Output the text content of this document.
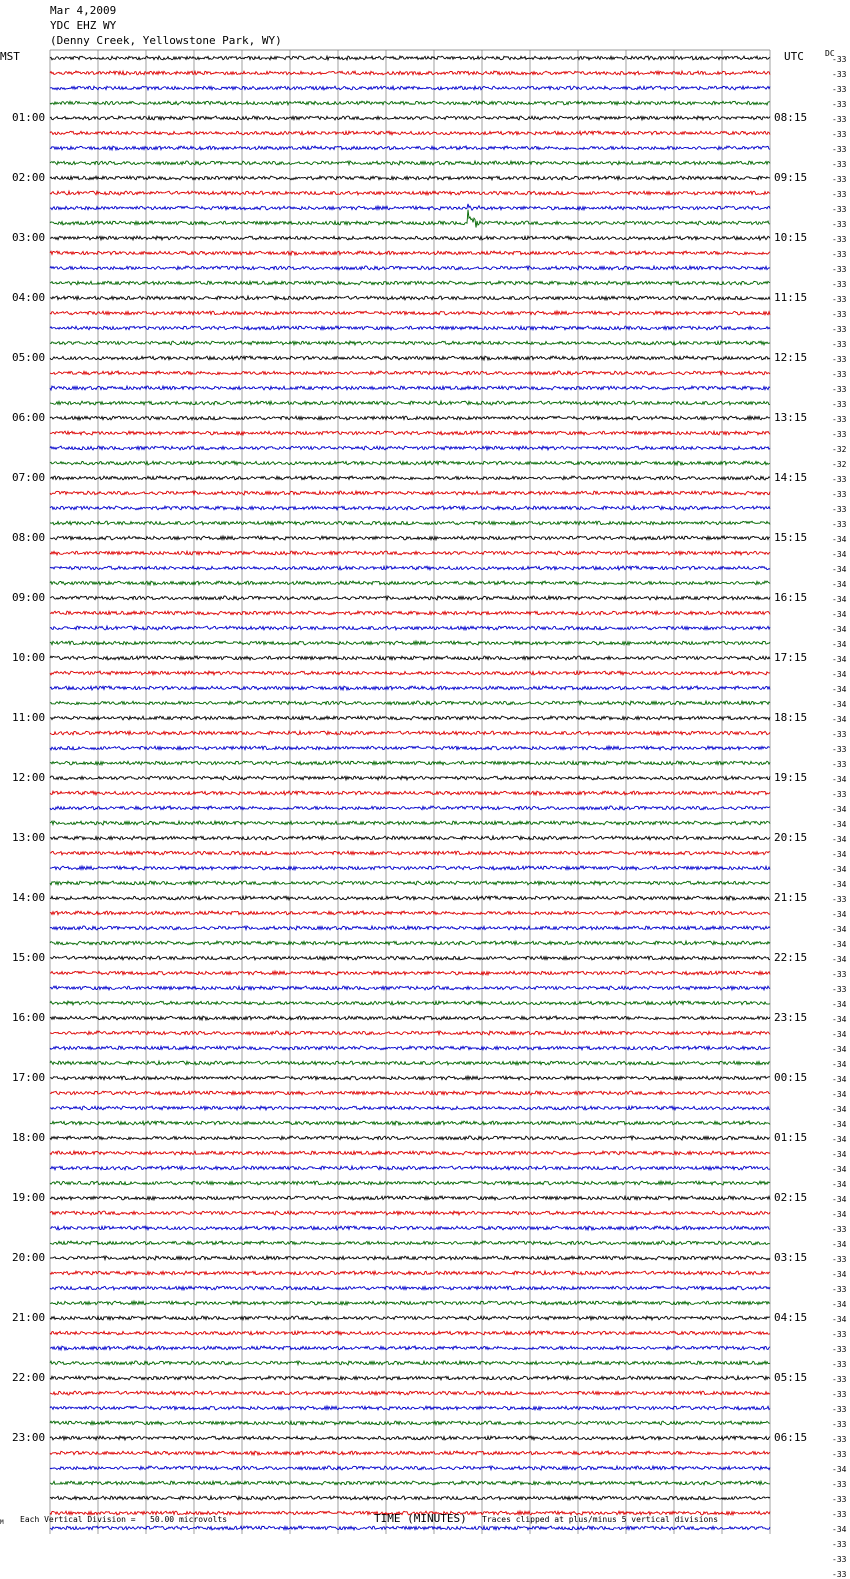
Mar 4,2009
YDC EHZ WY
(Denny Creek, Yellowstone Park, WY)
MST	UTC	DC
01:00
02:00
03:00
04:00
05:00
06:00
07:00
08:00
09:00
10:00
11:00
12:00
13:00
14:00
15:00
16:00
17:00
18:00
19:00
20:00
21:00
22:00
23:00
08:15
09:15
10:15
11:15
12:15
13:15
14:15
15:15
16:15
17:15
18:15
19:15
20:15
21:15
22:15
23:15
00:15
01:15
02:15
03:15
04:15
05:15
06:15
-33
-33
-33
-33
-33
-33
-33
-33
-33
-33
-33
-33
-33
-33
-33
-33
-33
-33
-33
-33
-33
-33
-33
-33
-33
-33
-32
-32
-33
-33
-33
-33
-34
-34
-34
-34
-34
-34
-34
-34
-34
-34
-34
-34
-34
-33
-33
-33
-34
-33
-34
-34
-34
-34
-34
-34
-33
-34
-34
-34
-34
-33
-33
-34
-34
-34
-34
-34
-34
-34
-34
-34
-34
-34
-34
-34
-34
-34
-33
-34
-33
-34
-33
-34
-34
-33
-33
-33
-33
-33
-33
-33
-33
-33
-34
-33
-33
-33
-34
-33
-33
-33
M Each Vertical Division =   50.00 microvolts	TIME (MINUTES) Traces clipped at plus/minus 5 vertical divisions
